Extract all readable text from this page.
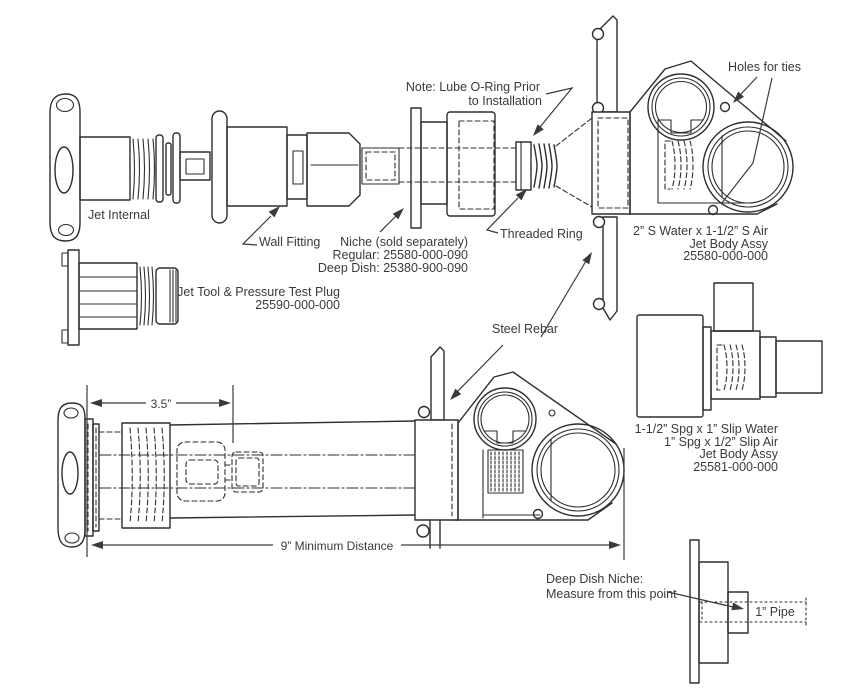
Jet Tool & Pressure Test Plug
25590-000-000
Wall Fitting
Jet Internal
Niche (sold separately)
Regular: 25580-000-090
Deep Dish: 25380-900-090
Threaded Ring
Note: Lube O-Ring Prior
to Installation
Holes for ties
2” S Water x 1-1/2” S Air
Jet Body Assy
25580-000-000
Steel Rebar
1-1/2” Spg x 1” Slip Water
1” Spg x 1/2” Slip Air
Jet Body Assy
25581-000-000
3.5”
9” Minimum Distance
Deep Dish Niche:
Measure from this point
1” Pipe
